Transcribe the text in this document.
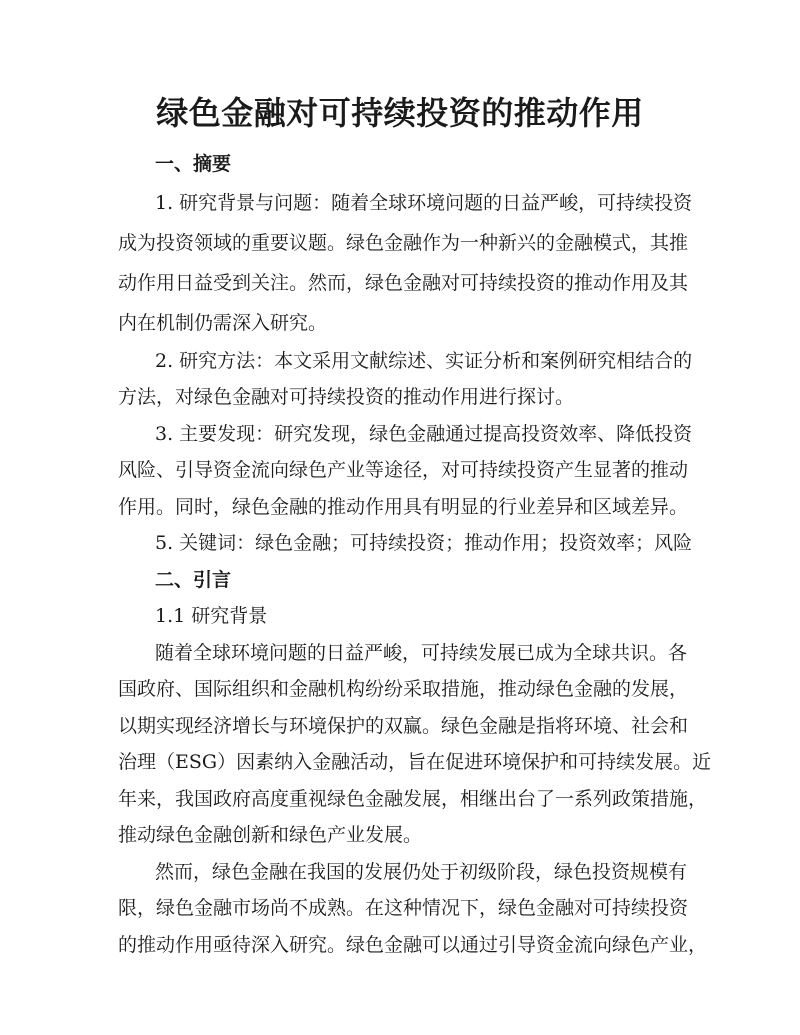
绿色金融对可持续投资的推动作用
一、摘要
1. 研究背景与问题：随着全球环境问题的日益严峻，可持续投资
成为投资领域的重要议题。绿色金融作为一种新兴的金融模式，其推
动作用日益受到关注。然而，绿色金融对可持续投资的推动作用及其
内在机制仍需深入研究。
2. 研究方法：本文采用文献综述、实证分析和案例研究相结合的
方法，对绿色金融对可持续投资的推动作用进行探讨。
3. 主要发现：研究发现，绿色金融通过提高投资效率、降低投资
风险、引导资金流向绿色产业等途径，对可持续投资产生显著的推动
作用。同时，绿色金融的推动作用具有明显的行业差异和区域差异。
5. 关键词：绿色金融；可持续投资；推动作用；投资效率；风险
二、引言
1.1 研究背景
随着全球环境问题的日益严峻，可持续发展已成为全球共识。各
国政府、国际组织和金融机构纷纷采取措施，推动绿色金融的发展，
以期实现经济增长与环境保护的双赢。绿色金融是指将环境、社会和
治理（ESG）因素纳入金融活动，旨在促进环境保护和可持续发展。近
年来，我国政府高度重视绿色金融发展，相继出台了一系列政策措施，
推动绿色金融创新和绿色产业发展。
然而，绿色金融在我国的发展仍处于初级阶段，绿色投资规模有
限，绿色金融市场尚不成熟。在这种情况下，绿色金融对可持续投资
的推动作用亟待深入研究。绿色金融可以通过引导资金流向绿色产业，
